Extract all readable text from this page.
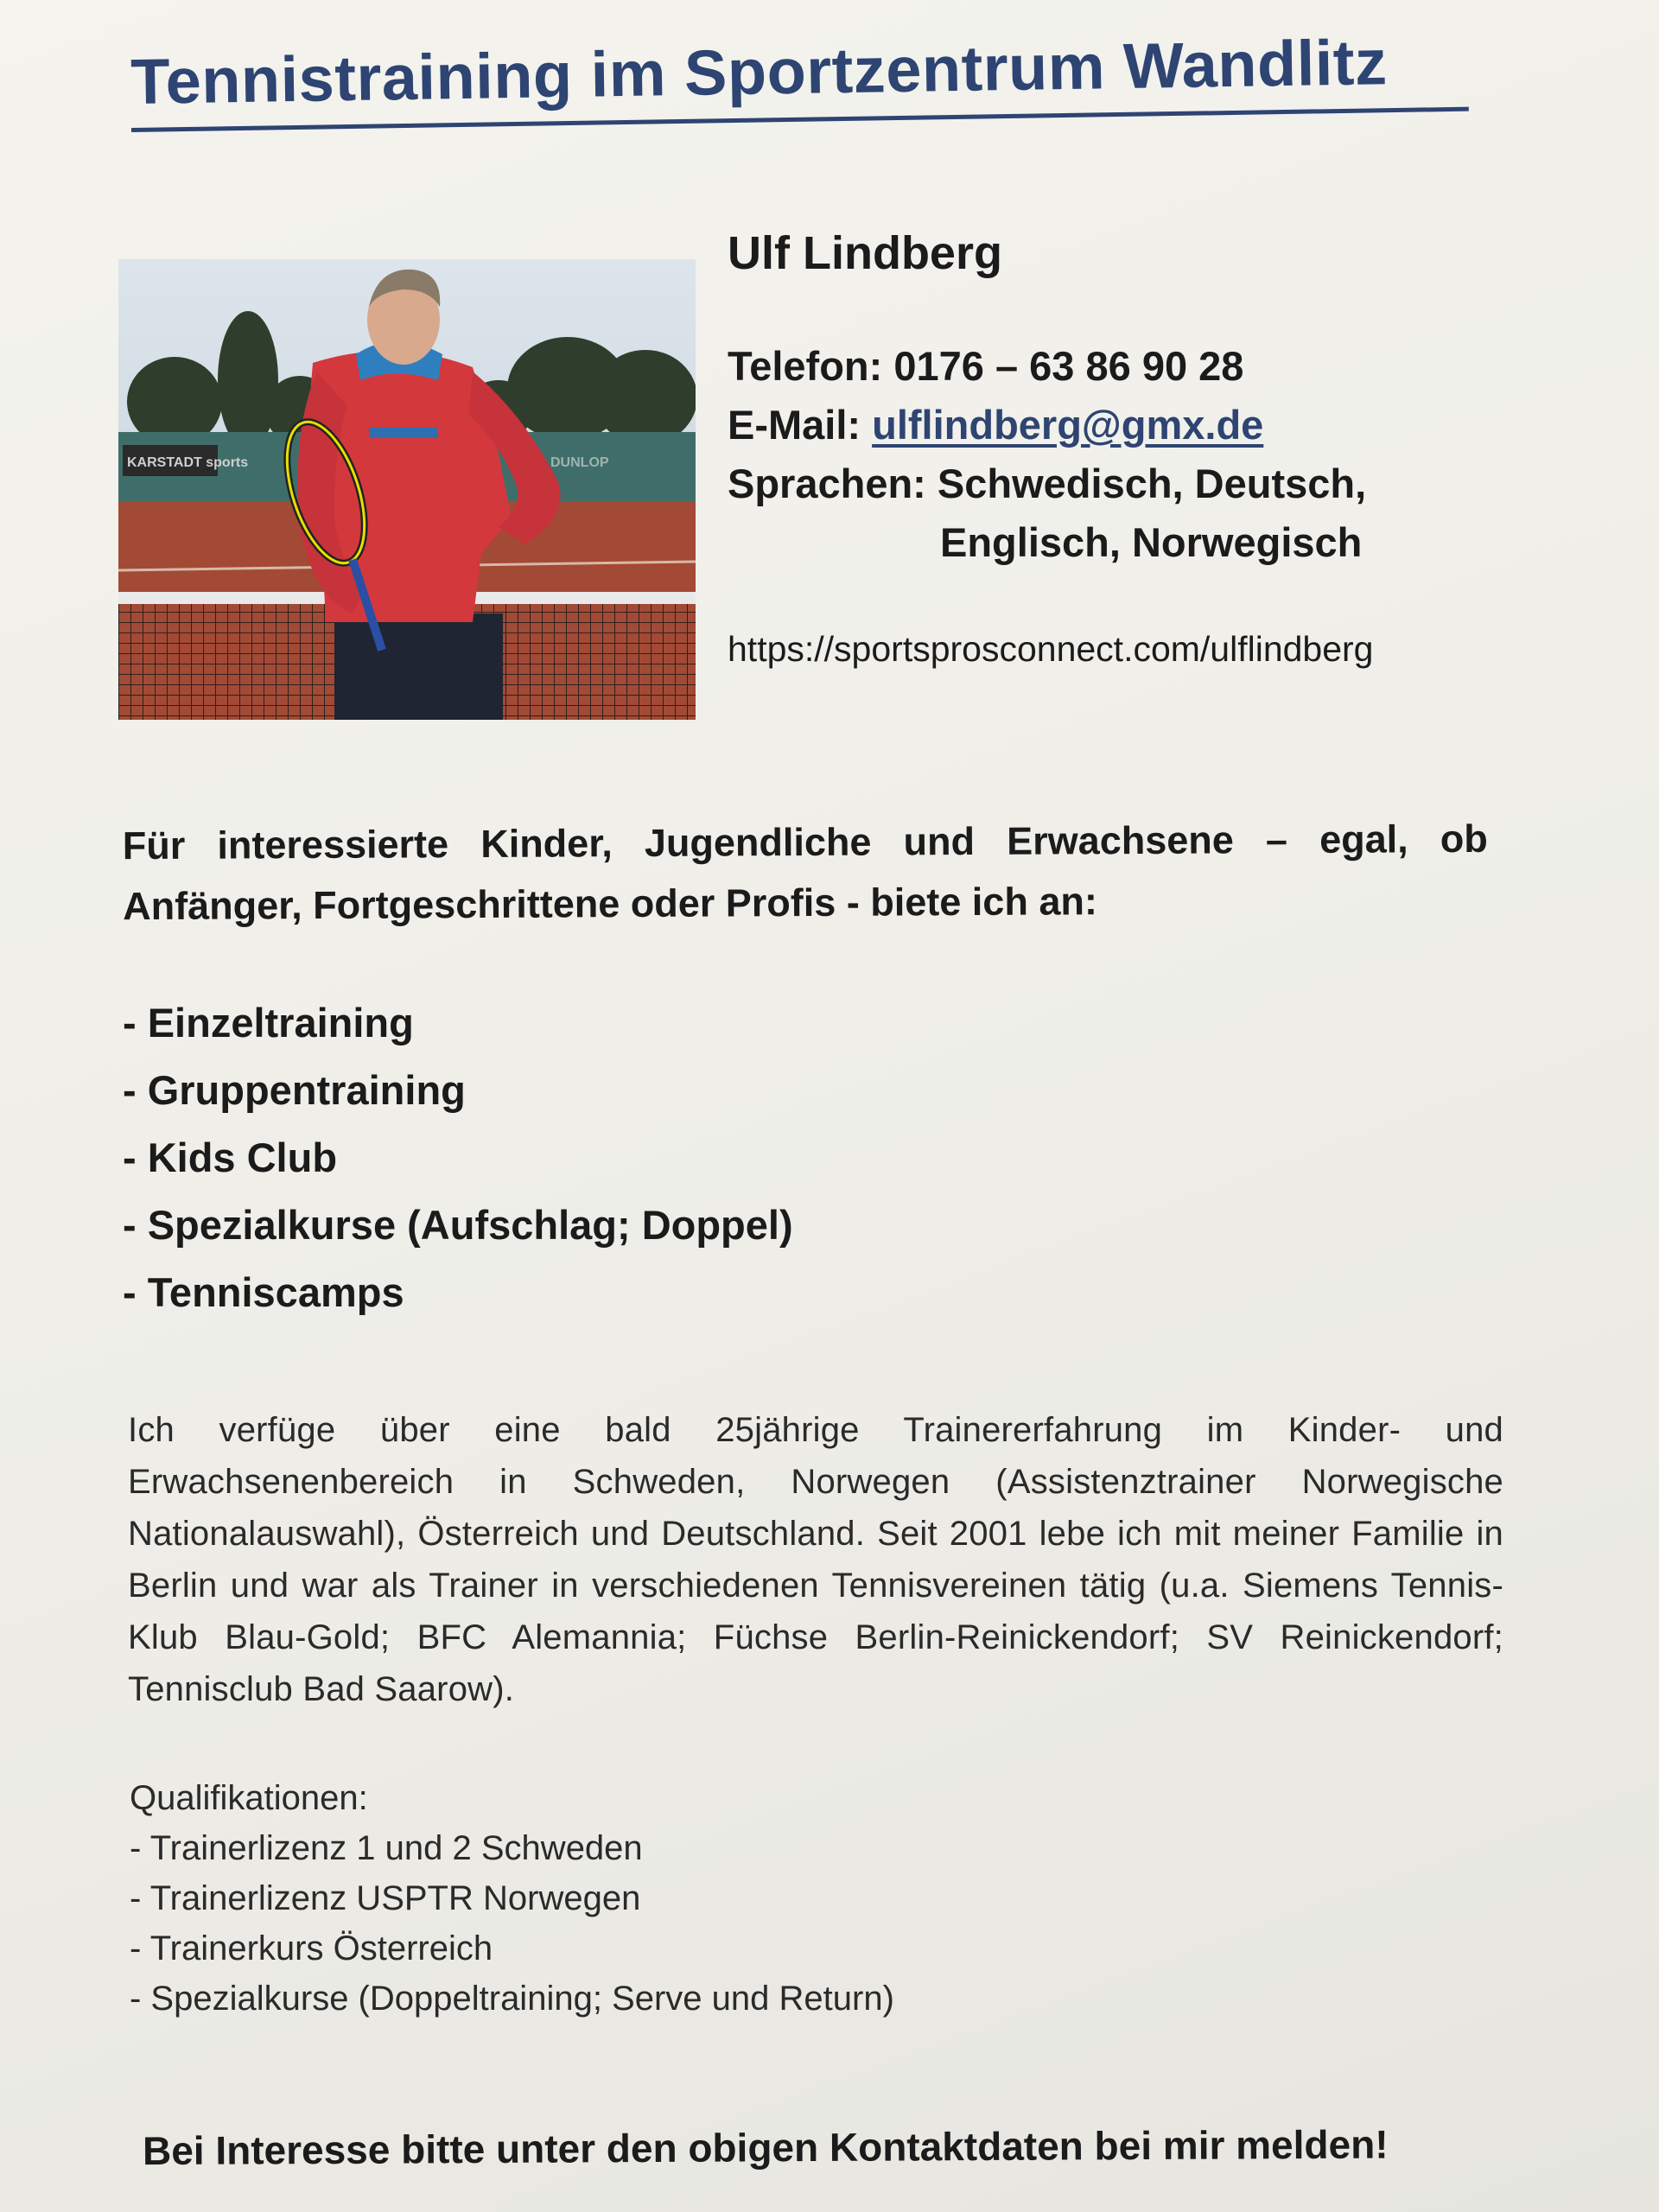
Tennistraining im Sportzentrum Wandlitz
KARSTADT sports	DUNLOP
Ulf Lindberg
Telefon: 0176 – 63 86 90 28
E-Mail: ulflindberg@gmx.de
Sprachen: Schwedisch, Deutsch,
Englisch, Norwegisch
https://sportsprosconnect.com/ulflindberg
Für interessierte Kinder, Jugendliche und Erwachsene – egal, ob Anfänger, Fortgeschrittene oder Profis - biete ich an:
- Einzeltraining
- Gruppentraining
- Kids Club
- Spezialkurse (Aufschlag; Doppel)
- Tenniscamps
Ich verfüge über eine bald 25jährige Trainererfahrung im Kinder- und Erwachsenenbereich in Schweden, Norwegen (Assistenztrainer Norwegische Nationalauswahl), Österreich und Deutschland. Seit 2001 lebe ich mit meiner Familie in Berlin und war als Trainer in verschiedenen Tennisvereinen tätig (u.a. Siemens Tennis-Klub Blau-Gold; BFC Alemannia; Füchse Berlin-Reinickendorf; SV Reinickendorf; Tennisclub Bad Saarow).
Qualifikationen:
- Trainerlizenz 1 und 2 Schweden
- Trainerlizenz USPTR Norwegen
- Trainerkurs Österreich
- Spezialkurse (Doppeltraining; Serve und Return)
Bei Interesse bitte unter den obigen Kontaktdaten bei mir melden!
